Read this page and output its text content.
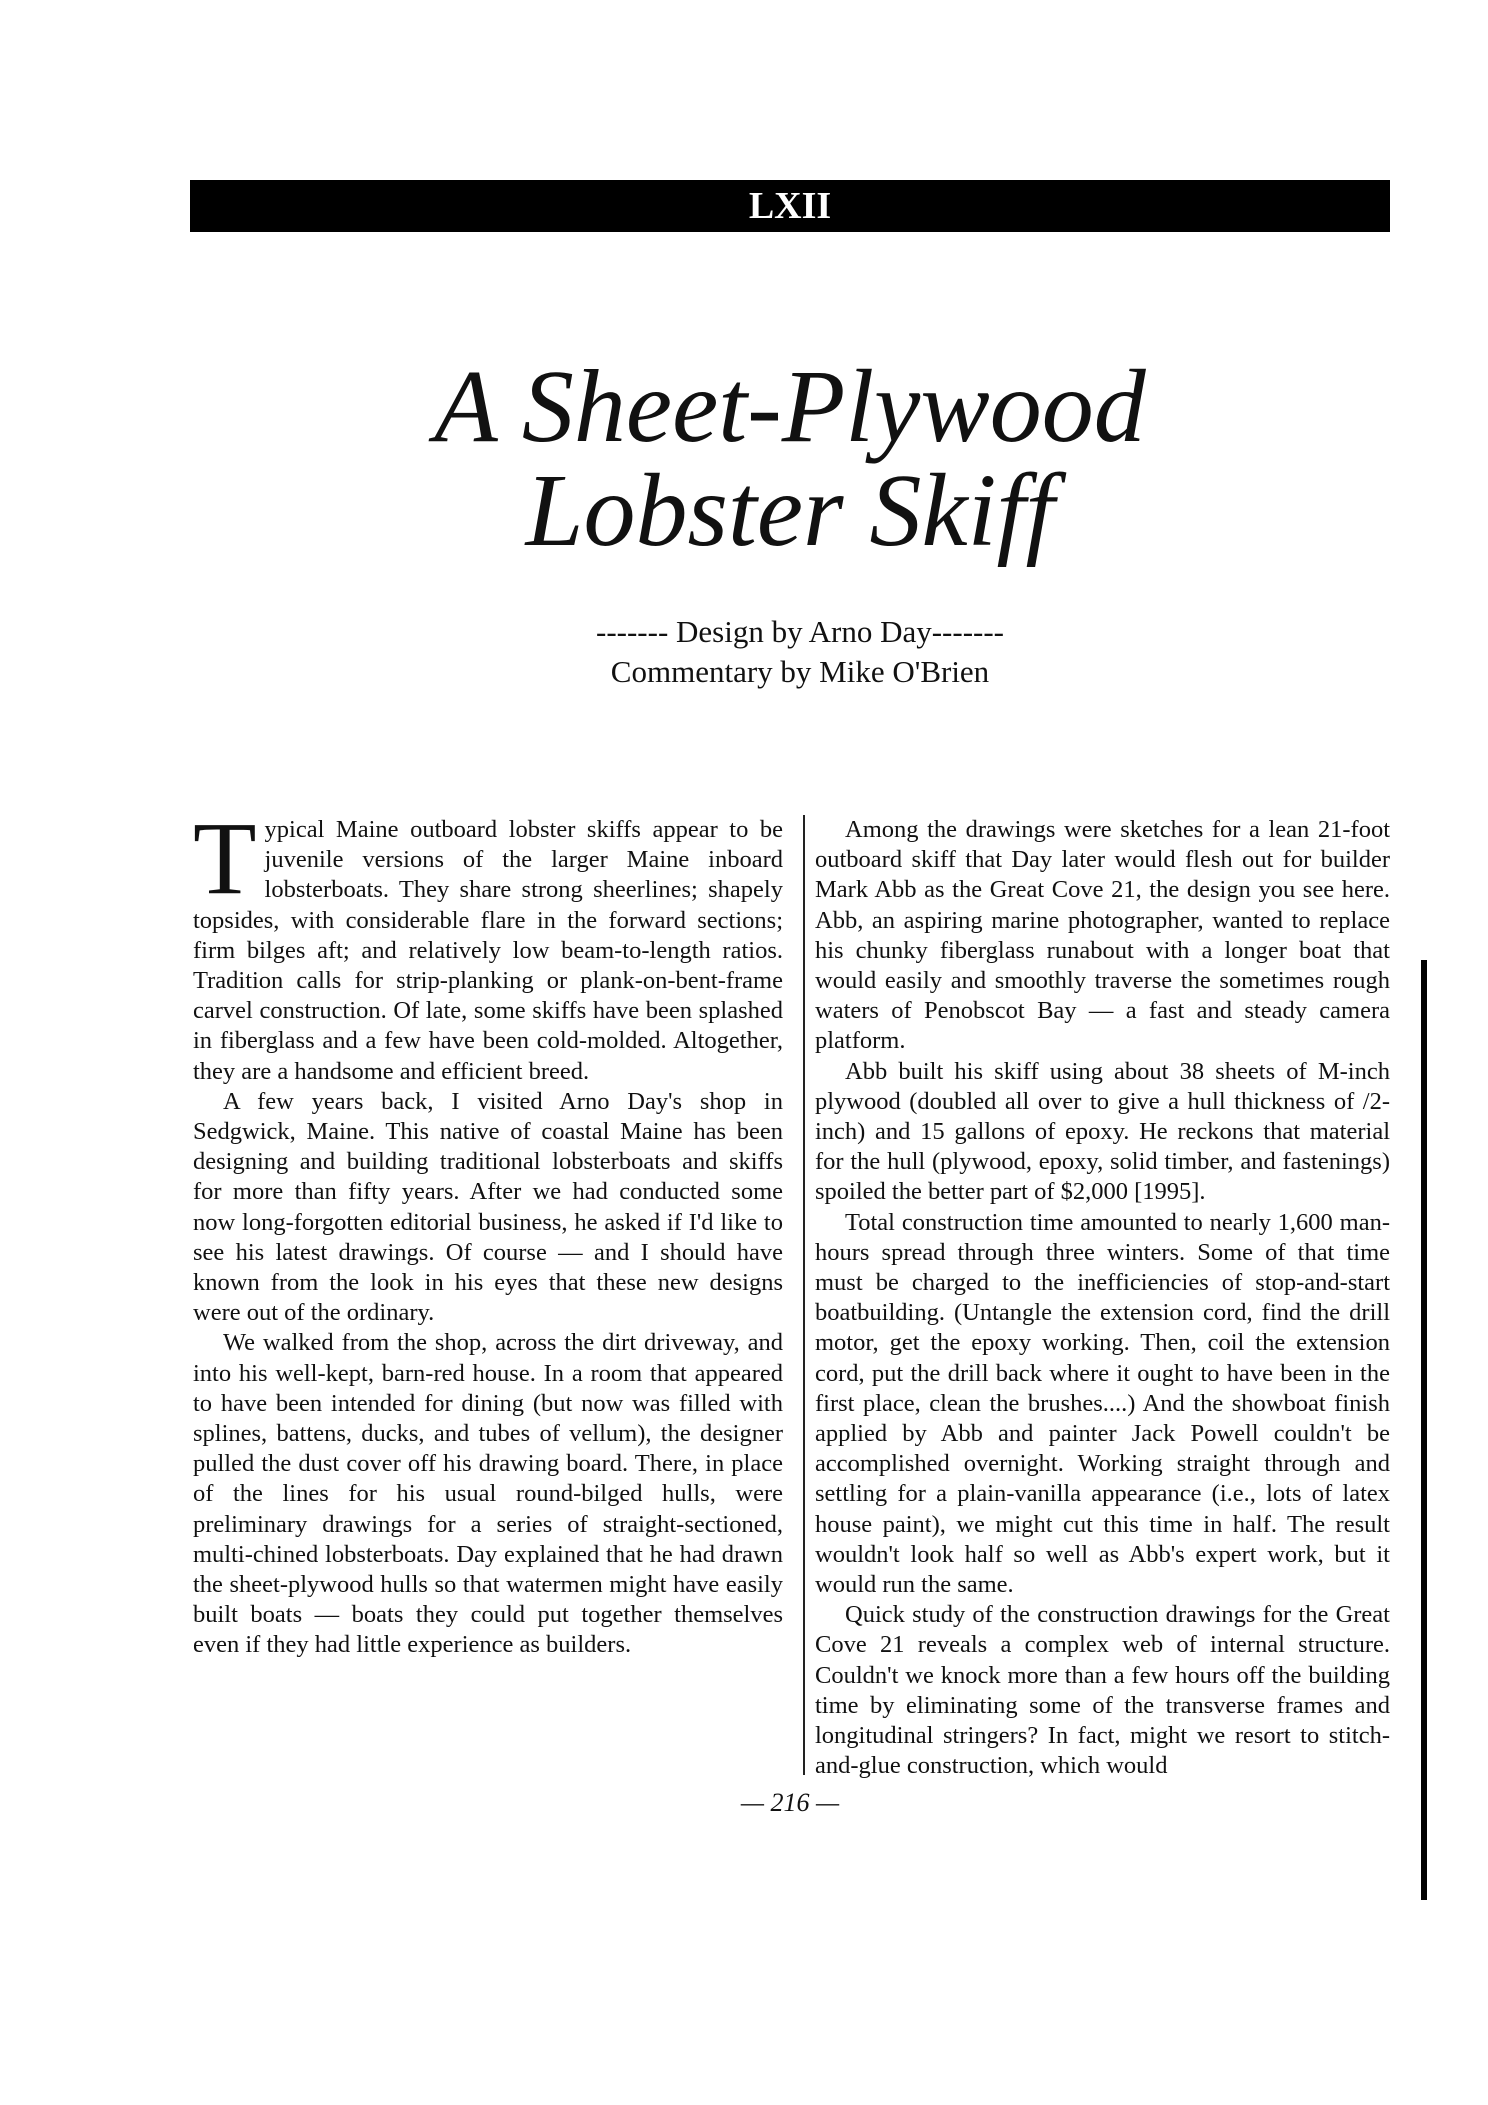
LXII
A Sheet-Plywood
Lobster Skiff
------- Design by Arno Day-------
Commentary by Mike O'Brien

Typical Maine outboard lobster skiffs appear to be juvenile versions of the larger Maine inboard lobsterboats. They share strong sheerlines; shapely topsides, with considerable flare in the forward sections; firm bilges aft; and relatively low beam-to-length ratios. Tradition calls for strip-planking or plank-on-bent-frame carvel construction. Of late, some skiffs have been splashed in fiberglass and a few have been cold-molded. Altogether, they are a handsome and efficient breed.

A few years back, I visited Arno Day's shop in Sedgwick, Maine. This native of coastal Maine has been designing and building traditional lobsterboats and skiffs for more than fifty years. After we had conducted some now long-forgotten editorial business, he asked if I'd like to see his latest drawings. Of course — and I should have known from the look in his eyes that these new designs were out of the ordinary.

We walked from the shop, across the dirt driveway, and into his well-kept, barn-red house. In a room that appeared to have been intended for dining (but now was filled with splines, battens, ducks, and tubes of vellum), the designer pulled the dust cover off his drawing board. There, in place of the lines for his usual round-bilged hulls, were preliminary drawings for a series of straight-sectioned, multi-chined lobsterboats. Day explained that he had drawn the sheet-plywood hulls so that watermen might have easily built boats — boats they could put together themselves even if they had little experience as builders.

Among the drawings were sketches for a lean 21-foot outboard skiff that Day later would flesh out for builder Mark Abb as the Great Cove 21, the design you see here. Abb, an aspiring marine photographer, wanted to replace his chunky fiberglass runabout with a longer boat that would easily and smoothly traverse the sometimes rough waters of Penobscot Bay — a fast and steady camera platform.

Abb built his skiff using about 38 sheets of M-inch plywood (doubled all over to give a hull thickness of /2-inch) and 15 gallons of epoxy. He reckons that material for the hull (plywood, epoxy, solid timber, and fastenings) spoiled the better part of $2,000 [1995].

Total construction time amounted to nearly 1,600 man-hours spread through three winters. Some of that time must be charged to the inefficiencies of stop-and-start boatbuilding. (Untangle the extension cord, find the drill motor, get the epoxy working. Then, coil the extension cord, put the drill back where it ought to have been in the first place, clean the brushes....) And the showboat finish applied by Abb and painter Jack Powell couldn't be accomplished overnight. Working straight through and settling for a plain-vanilla appearance (i.e., lots of latex house paint), we might cut this time in half. The result wouldn't look half so well as Abb's expert work, but it would run the same.

Quick study of the construction drawings for the Great Cove 21 reveals a complex web of internal structure. Couldn't we knock more than a few hours off the building time by eliminating some of the transverse frames and longitudinal stringers? In fact, might we resort to stitch-and-glue construction, which would

— 216 —
